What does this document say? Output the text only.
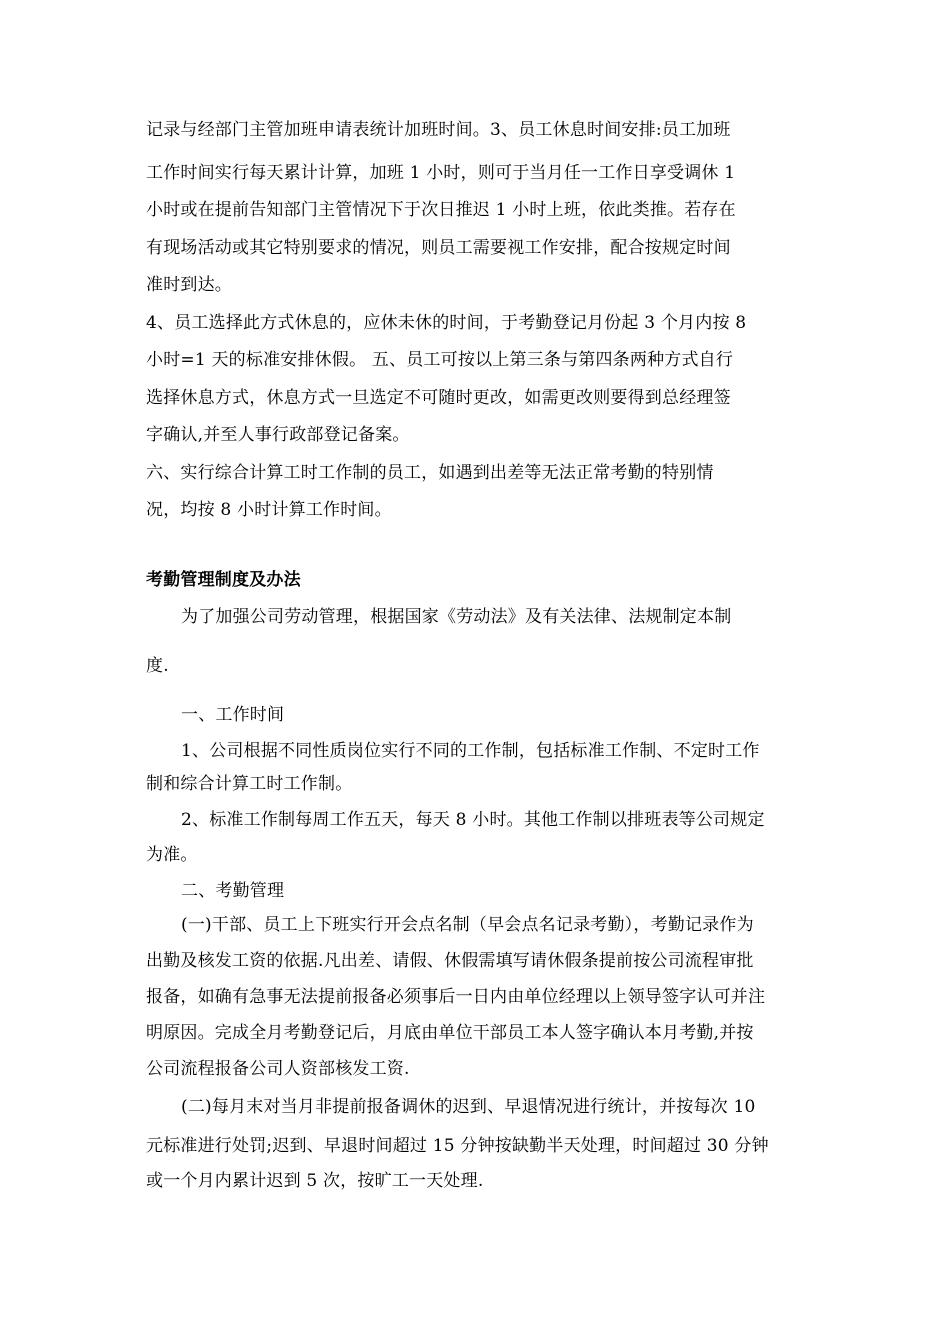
记录与经部门主管加班申请表统计加班时间。3、员工休息时间安排:员工加班
工作时间实行每天累计计算，加班 1 小时，则可于当月任一工作日享受调休 1
小时或在提前告知部门主管情况下于次日推迟 1 小时上班，依此类推。若存在
有现场活动或其它特别要求的情况，则员工需要视工作安排，配合按规定时间
准时到达。
4、员工选择此方式休息的，应休未休的时间，于考勤登记月份起 3 个月内按 8
小时=1 天的标准安排休假。 五、员工可按以上第三条与第四条两种方式自行
选择休息方式，休息方式一旦选定不可随时更改，如需更改则要得到总经理签
字确认,并至人事行政部登记备案。
六、实行综合计算工时工作制的员工，如遇到出差等无法正常考勤的特别情
况，均按 8 小时计算工作时间。
考勤管理制度及办法
为了加强公司劳动管理，根据国家《劳动法》及有关法律、法规制定本制
度.
一、工作时间
1、公司根据不同性质岗位实行不同的工作制，包括标准工作制、不定时工作
制和综合计算工时工作制。
2、标准工作制每周工作五天，每天 8 小时。其他工作制以排班表等公司规定
为准。
二、考勤管理
(一)干部、员工上下班实行开会点名制（早会点名记录考勤），考勤记录作为
出勤及核发工资的依据.凡出差、请假、休假需填写请休假条提前按公司流程审批
报备，如确有急事无法提前报备必须事后一日内由单位经理以上领导签字认可并注
明原因。完成全月考勤登记后，月底由单位干部员工本人签字确认本月考勤,并按
公司流程报备公司人资部核发工资.
(二)每月末对当月非提前报备调休的迟到、早退情况进行统计，并按每次 10
元标准进行处罚;迟到、早退时间超过 15 分钟按缺勤半天处理，时间超过 30 分钟
或一个月内累计迟到 5 次，按旷工一天处理.
